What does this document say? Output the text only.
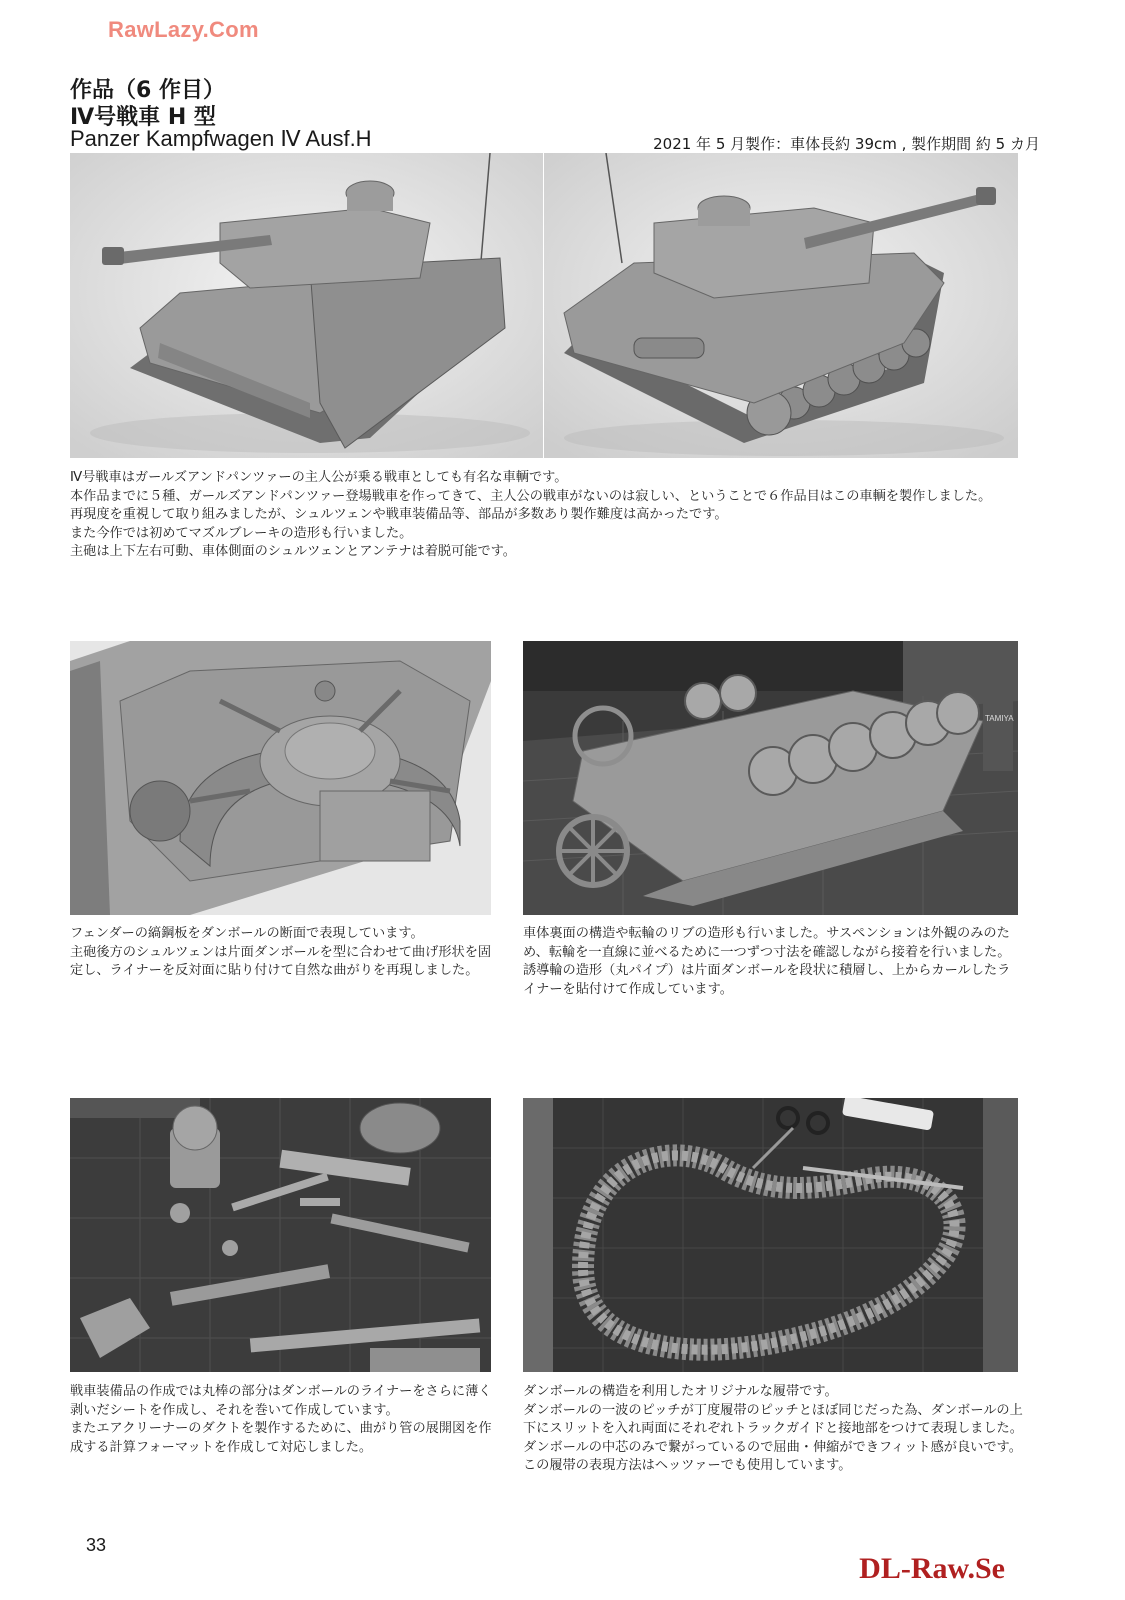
RawLazy.Com
作品（6 作目）
Ⅳ号戦車 H 型
Panzer Kampfwagen Ⅳ Ausf.H	2021 年 5 月製作：車体長約 39cm , 製作期間 約 5 カ月

Ⅳ号戦車はガールズアンドパンツァーの主人公が乗る戦車としても有名な車輌です。

本作品までに５種、ガールズアンドパンツァー登場戦車を作ってきて、主人公の戦車がないのは寂しい、ということで６作品目はこの車輌を製作しました。

再現度を重視して取り組みましたが、シュルツェンや戦車装備品等、部品が多数あり製作難度は高かったです。

また今作では初めてマズルブレーキの造形も行いました。

主砲は上下左右可動、車体側面のシュルツェンとアンテナは着脱可能です。

TAMIYA

フェンダーの縞鋼板をダンボールの断面で表現しています。

主砲後方のシュルツェンは片面ダンボールを型に合わせて曲げ形状を固定し、ライナーを反対面に貼り付けて自然な曲がりを再現しました。

車体裏面の構造や転輪のリブの造形も行いました。サスペンションは外観のみのため、転輪を一直線に並べるために一つずつ寸法を確認しながら接着を行いました。

誘導輪の造形（丸パイプ）は片面ダンボールを段状に積層し、上からカールしたライナーを貼付けて作成しています。

戦車装備品の作成では丸棒の部分はダンボールのライナーをさらに薄く剥いだシートを作成し、それを巻いて作成しています。

またエアクリーナーのダクトを製作するために、曲がり管の展開図を作成する計算フォーマットを作成して対応しました。

ダンボールの構造を利用したオリジナルな履帯です。

ダンボールの一波のピッチが丁度履帯のピッチとほぼ同じだった為、ダンボールの上下にスリットを入れ両面にそれぞれトラックガイドと接地部をつけて表現しました。ダンボールの中芯のみで繋がっているので屈曲・伸縮ができフィット感が良いです。

この履帯の表現方法はヘッツァーでも使用しています。

33
DL-Raw.Se
